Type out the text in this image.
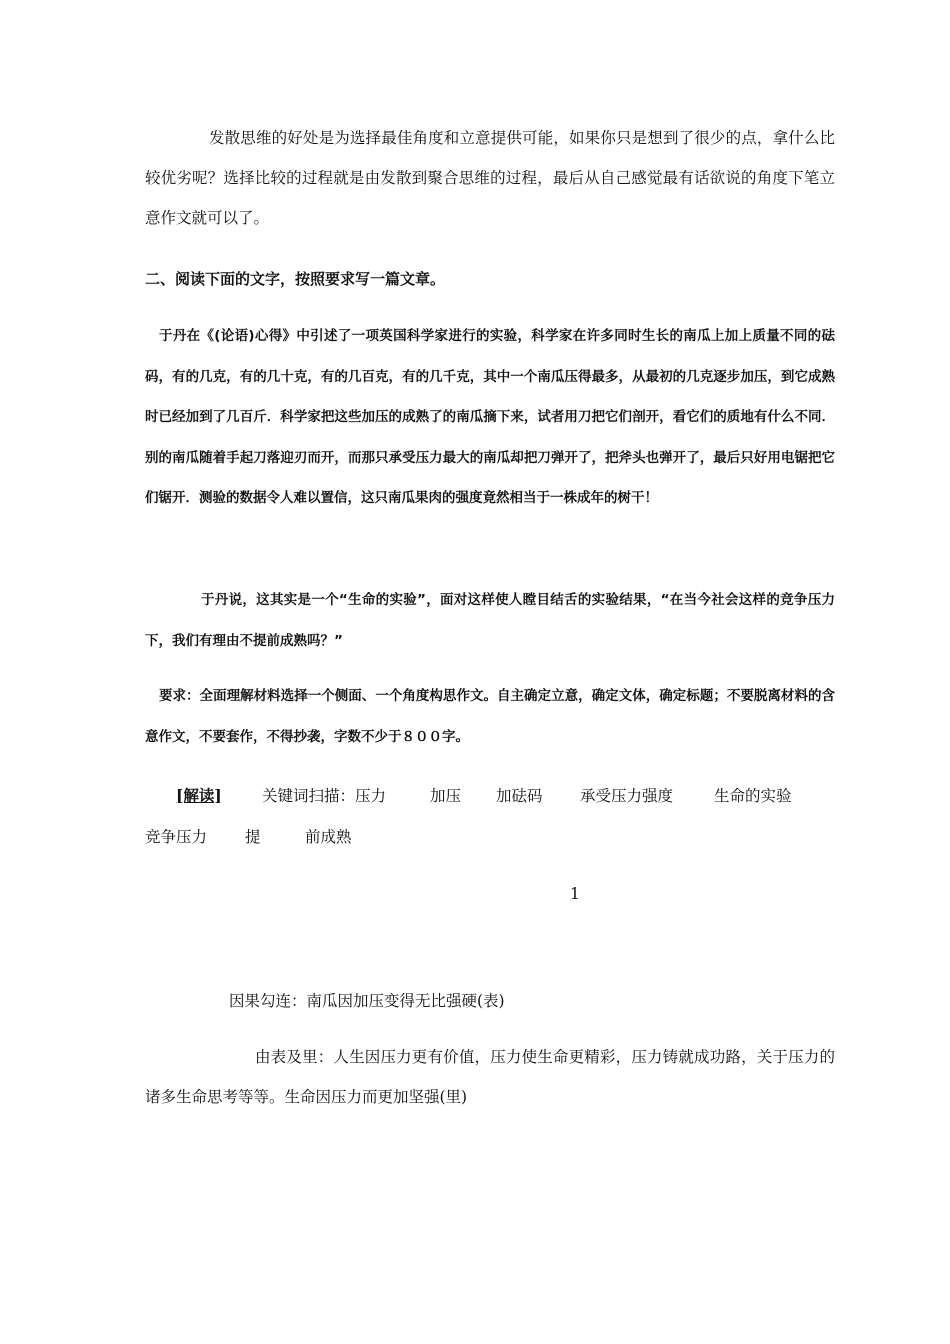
发散思维的好处是为选择最佳角度和立意提供可能，如果你只是想到了很少的点，拿什么比较优劣呢？选择比较的过程就是由发散到聚合思维的过程，最后从自己感觉最有话欲说的角度下笔立意作文就可以了。
二、阅读下面的文字，按照要求写一篇文章。
于丹在《(论语)心得》中引述了一项英国科学家进行的实验，科学家在许多同时生长的南瓜上加上质量不同的砝码，有的几克，有的几十克，有的几百克，有的几千克，其中一个南瓜压得最多，从最初的几克逐步加压，到它成熟时已经加到了几百斤．科学家把这些加压的成熟了的南瓜摘下来，试者用刀把它们剖开，看它们的质地有什么不同．别的南瓜随着手起刀落迎刃而开，而那只承受压力最大的南瓜却把刀弹开了，把斧头也弹开了，最后只好用电锯把它们锯开．测验的数据令人难以置信，这只南瓜果肉的强度竟然相当于一株成年的树干！
于丹说，这其实是一个“生命的实验”，面对这样使人瞠目结舌的实验结果，“在当今社会这样的竞争压力下，我们有理由不提前成熟吗？”
要求：全面理解材料选择一个侧面、一个角度构思作文。自主确定立意，确定文体，确定标题；不要脱离材料的含意作文，不要套作，不得抄袭，字数不少于８００字。
[解读]	关键词扫描：压力	加压 加砝码 承受压力强度	生命的实验
竞争压力 提	前成熟
1
因果勾连：南瓜因加压变得无比强硬(表)
由表及里：人生因压力更有价值，压力使生命更精彩，压力铸就成功路，关于压力的诸多生命思考等等。生命因压力而更加坚强(里)
